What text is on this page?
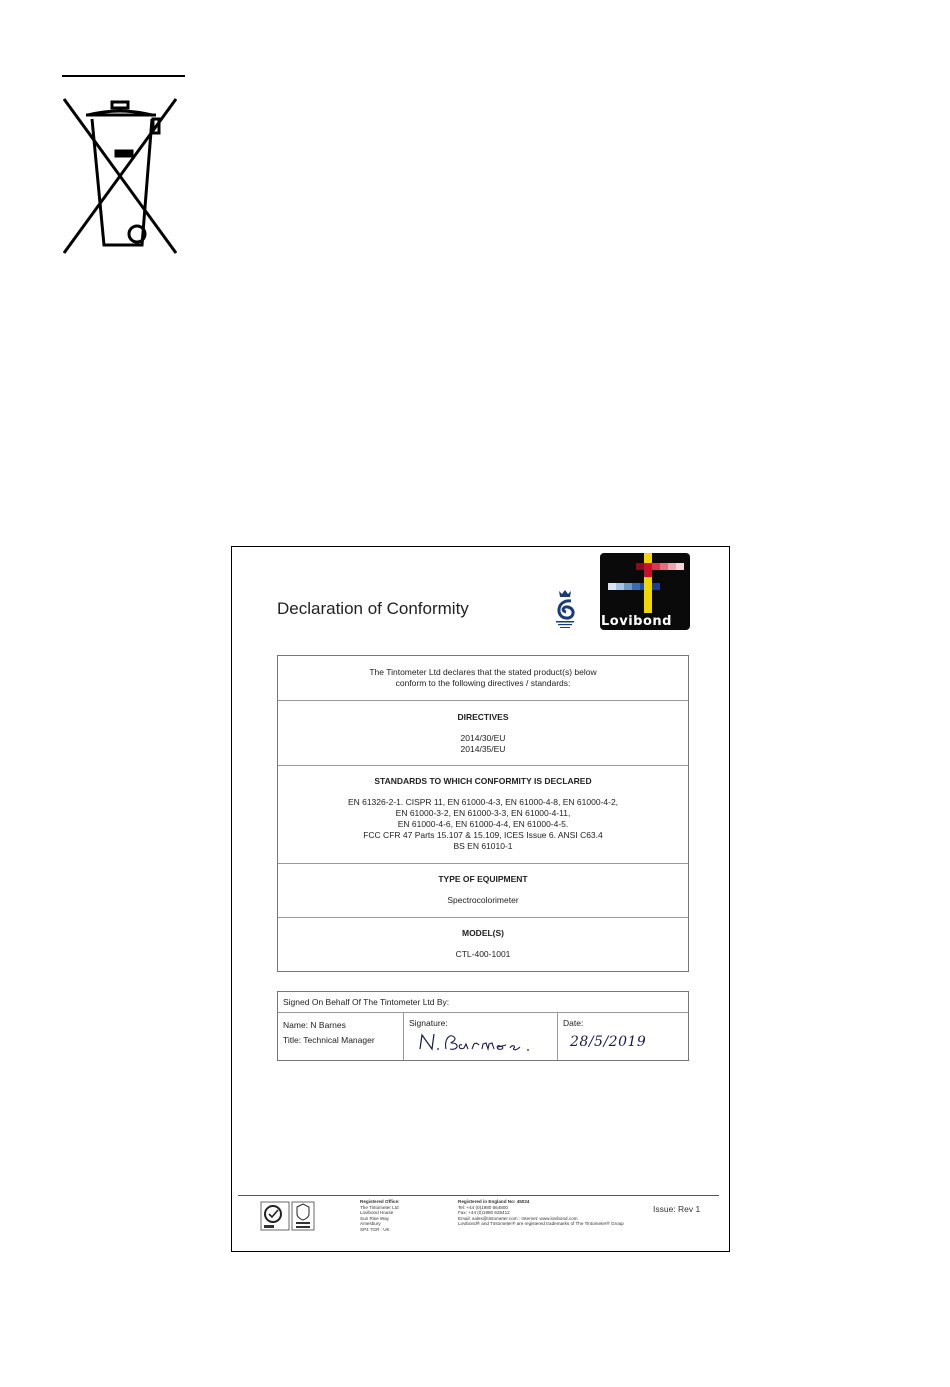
Declaration of Conformity
The Tintometer Ltd declares that the stated product(s) below
conform to the following directives / standards:
DIRECTIVES
2014/30/EU
2014/35/EU
STANDARDS TO WHICH CONFORMITY IS DECLARED
EN 61326-2-1. CISPR 11, EN 61000-4-3, EN 61000-4-8, EN 61000-4-2,
EN 61000-3-2, EN 61000-3-3, EN 61000-4-11,
EN 61000-4-6, EN 61000-4-4, EN 61000-4-5.
FCC CFR 47 Parts 15.107 & 15.109, ICES Issue 6. ANSI C63.4
BS EN 61010-1
TYPE OF EQUIPMENT
Spectrocolorimeter
MODEL(S)
CTL-400-1001
Signed On Behalf Of The Tintometer Ltd By:
Name: N Barnes
Title: Technical Manager
Signature:
N.Barnes.
Date:
28/5/2019
Registered Office:
The Tintometer Ltd
Lovibond House
Sun Rise Way
Amesbury
SP4 7GR : UK
Registered in England No: 45024
Tel: +44 (0)1980 664800
Fax: +44 (0)1980 625412
Email: sales@tintometer.com : Internet: www.lovibond.com
Lovibond® and Tintometer® are registered trademarks of The Tintometer® Group
Issue: Rev 1
Lovibond
